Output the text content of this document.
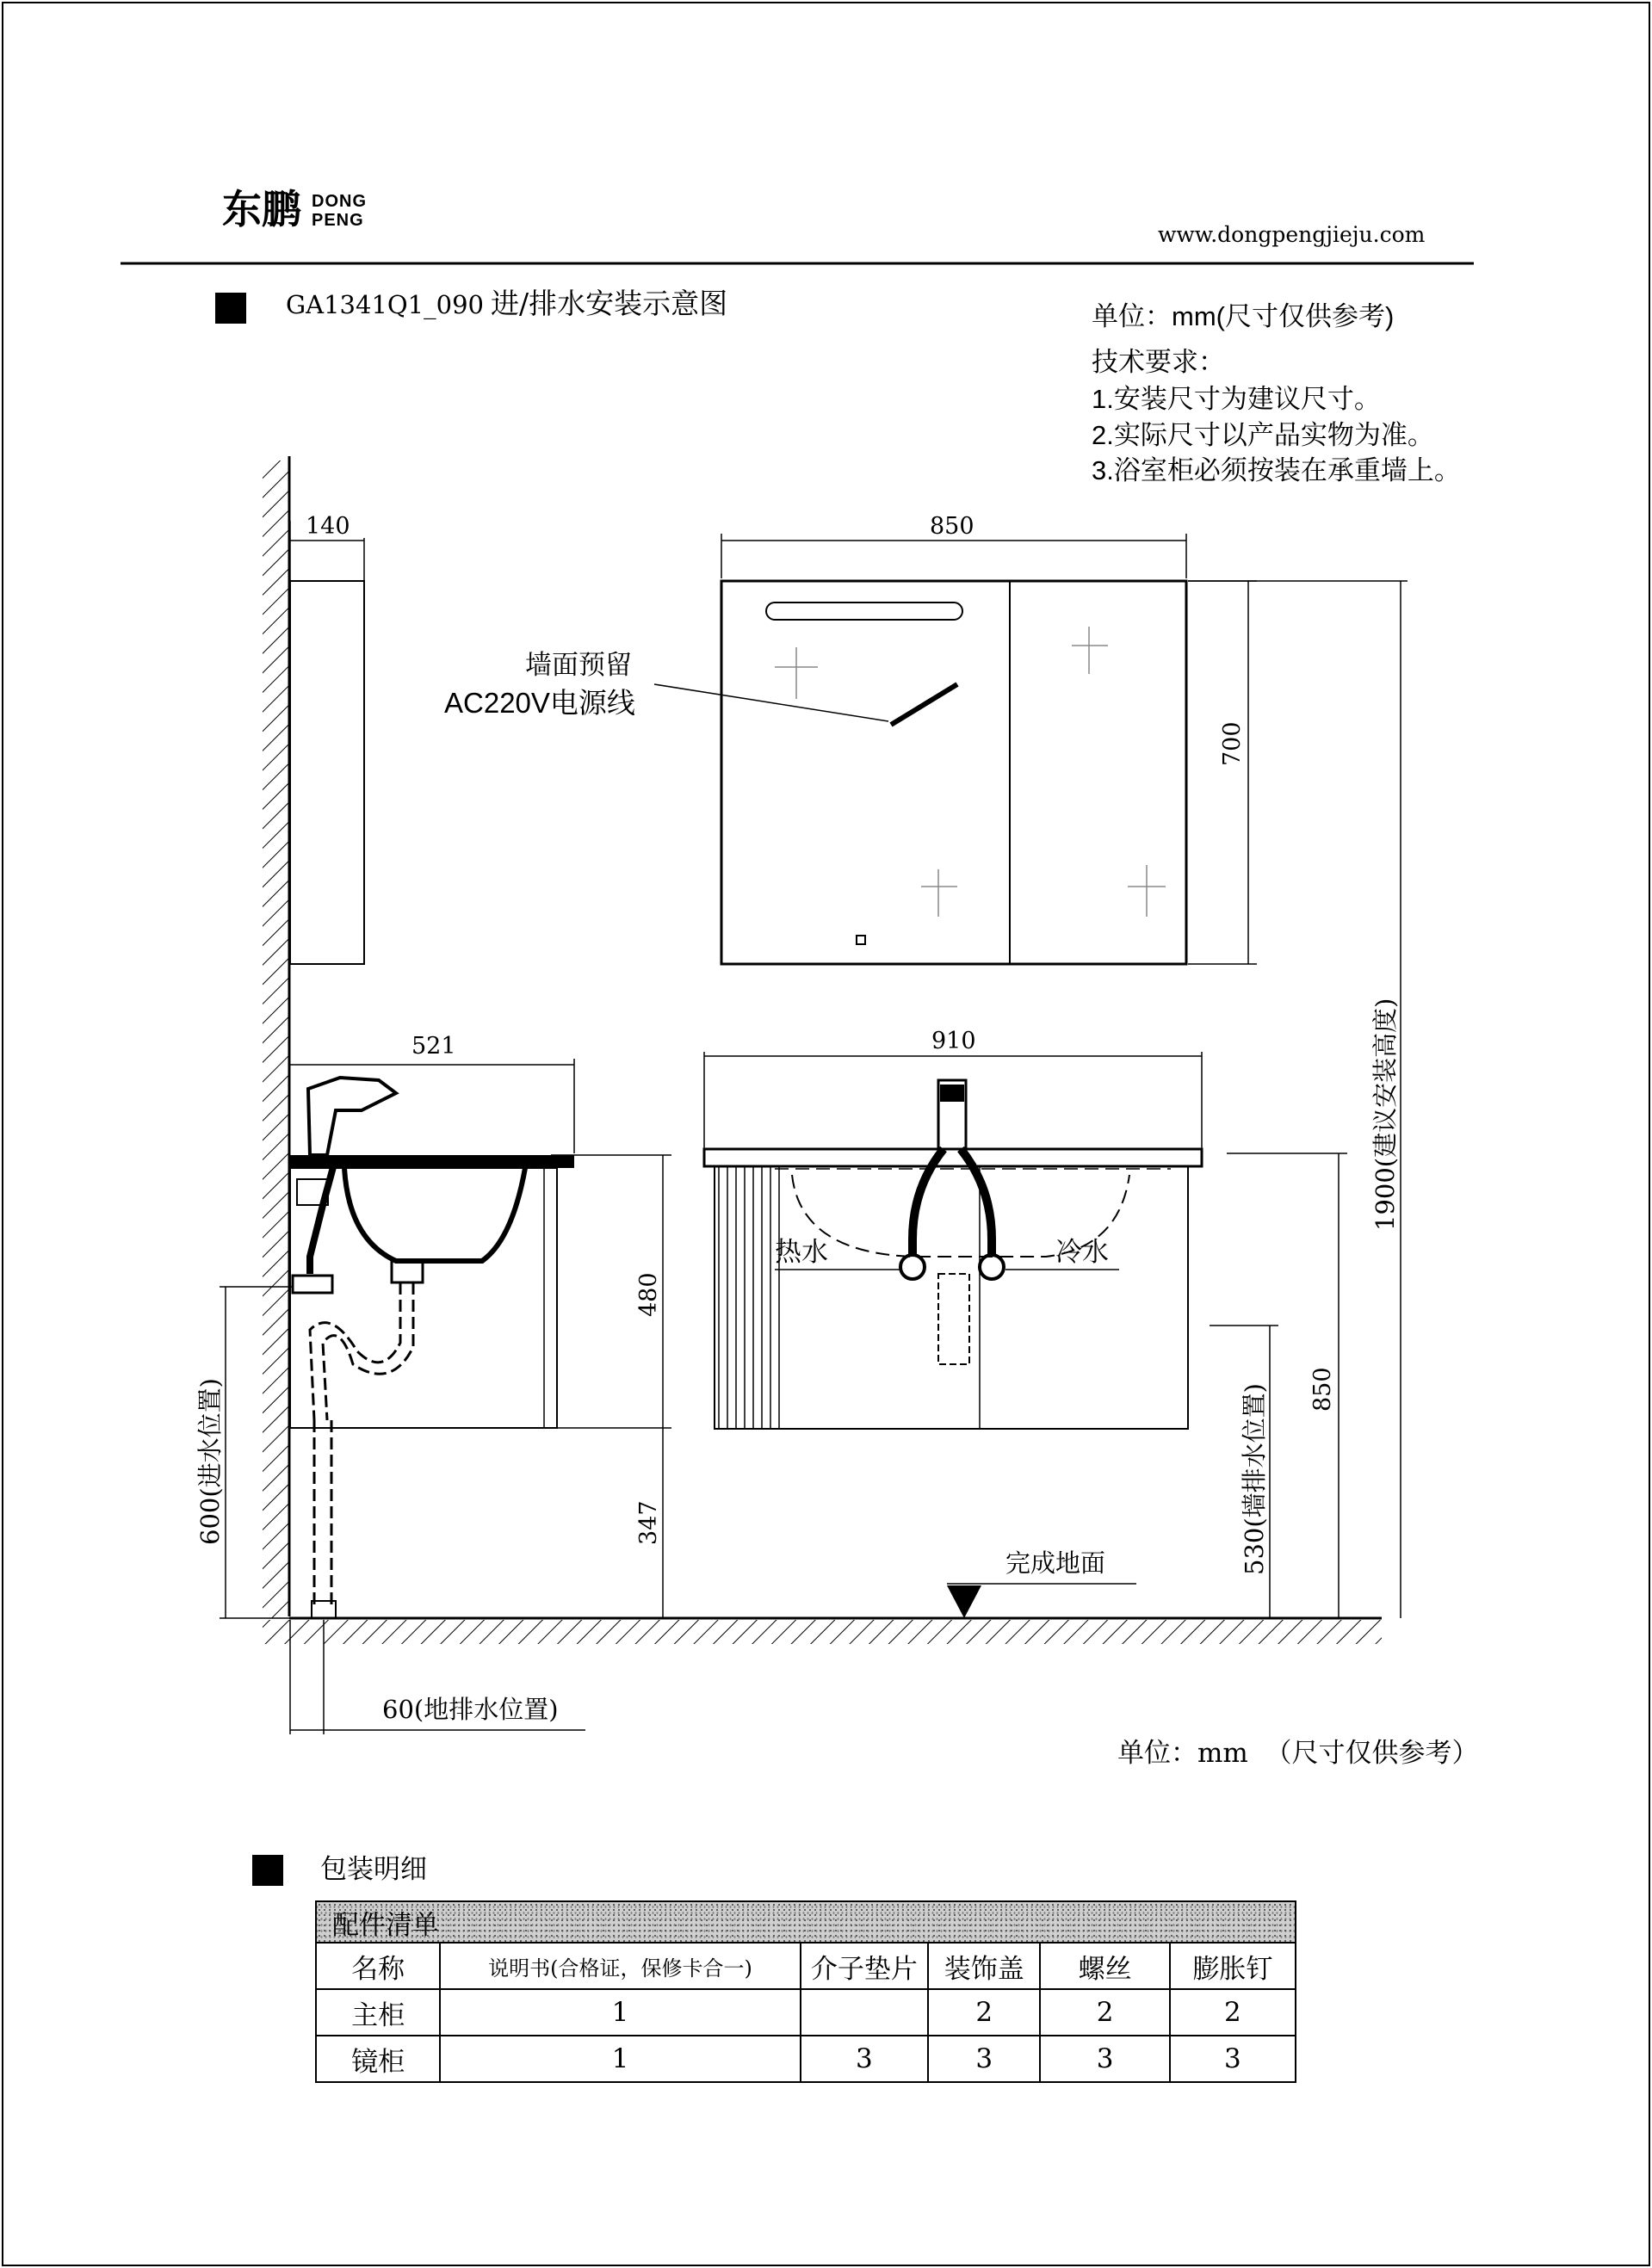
东鹏 DONG
PENG
www.dongpengjieju.com
GA1341Q1_090 进/排水安装示意图	单位：mm(尺寸仅供参考)
技术要求：
1.安装尺寸为建议尺寸。
2.实际尺寸以产品实物为准。
3.浴室柜必须按装在承重墙上。
墙面预留
AC220V电源线
热水	冷水
完成地面
140	850
700
521	910
480
347
600(进水位置)	530(墙排水位置) 850
1900(建议安装高度)
60(地排水位置)
单位：mm  （尺寸仅供参考）
包装明细
配件清单					
名称	说明书(合格证，保修卡合一)	介子垫片	装饰盖	螺丝	膨胀钉
主柜	1		2	2	2
镜柜	1	3	3	3	3
